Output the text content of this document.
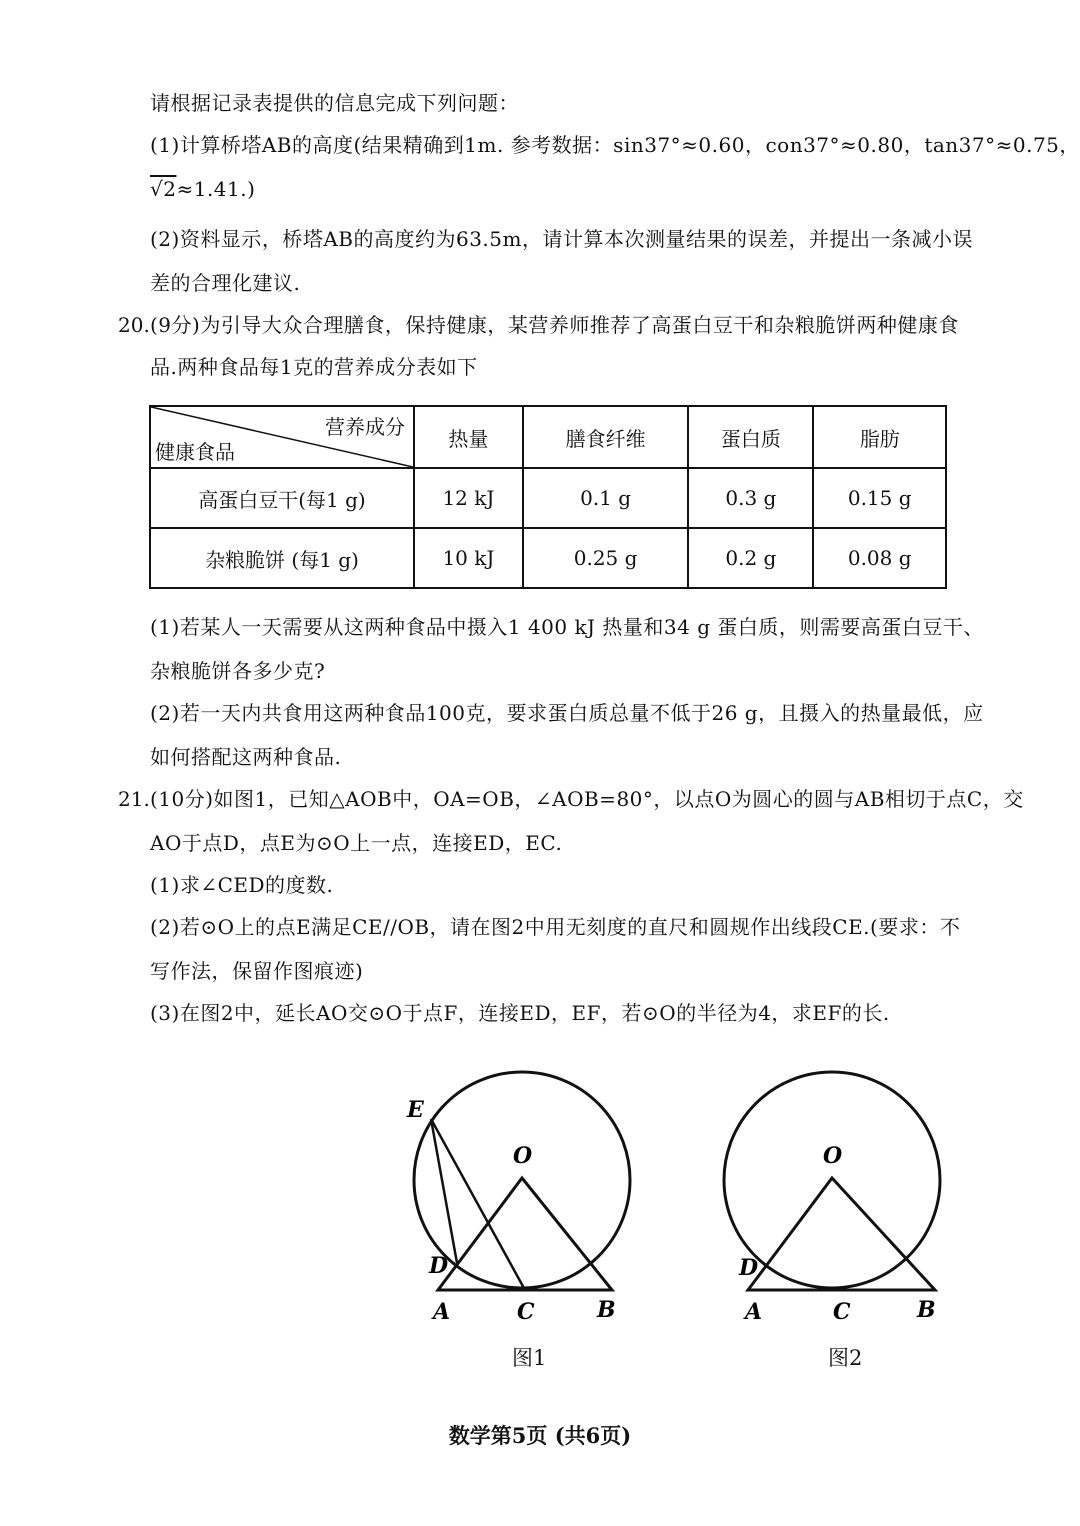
请根据记录表提供的信息完成下列问题：
(1)计算桥塔AB的高度(结果精确到1m. 参考数据：sin37°≈0.60，con37°≈0.80，tan37°≈0.75，
√2≈1.41.)
(2)资料显示，桥塔AB的高度约为63.5m，请计算本次测量结果的误差，并提出一条减小误
差的合理化建议.
20. (9分)为引导大众合理膳食，保持健康，某营养师推荐了高蛋白豆干和杂粮脆饼两种健康食
品.两种食品每1克的营养成分表如下
营养成分
健康食品	热量	膳食纤维	蛋白质	脂肪
高蛋白豆干(每1 g)	12 kJ	0.1 g	0.3 g	0.15 g
杂粮脆饼 (每1 g)	10 kJ	0.25 g	0.2 g	0.08 g
(1)若某人一天需要从这两种食品中摄入1 400 kJ 热量和34 g 蛋白质，则需要高蛋白豆干、
杂粮脆饼各多少克?
(2)若一天内共食用这两种食品100克，要求蛋白质总量不低于26 g，且摄入的热量最低，应
如何搭配这两种食品.
21. (10分)如图1，已知△AOB中，OA=OB，∠AOB=80°，以点O为圆心的圆与AB相切于点C，交
AO于点D，点E为⊙O上一点，连接ED，EC.
(1)求∠CED的度数.
(2)若⊙O上的点E满足CE//OB，请在图2中用无刻度的直尺和圆规作出线段CE.(要求：不
写作法，保留作图痕迹)
(3)在图2中，延长AO交⊙O于点F，连接ED，EF，若⊙O的半径为4，求EF的长.
E
O
D
A	C	B
图1
O
D
A	C	B
图2
数学第5页 (共6页)
